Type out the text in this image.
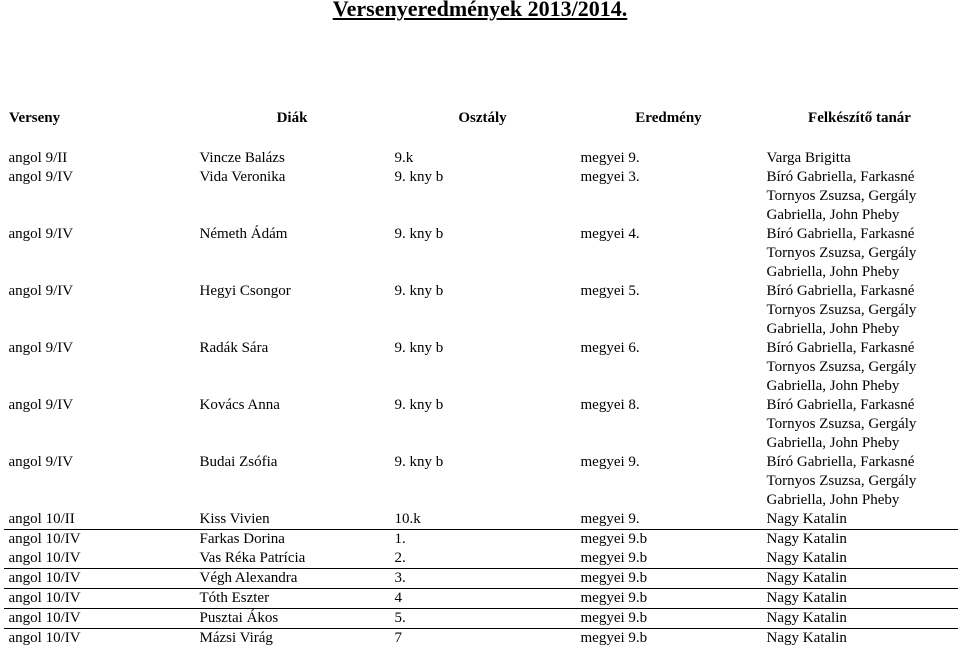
Versenyeredmények 2013/2014.
Verseny	Diák	Osztály	Eredmény	Felkészítő tanár

angol 9/II	Vincze Balázs	9.k	megyei 9.	Varga Brigitta
angol 9/IV	Vida Veronika	9. kny b	megyei 3.	Bíró Gabriella, Farkasné Tornyos Zsuzsa, Gergály Gabriella, John Pheby
angol 9/IV	Németh Ádám	9. kny b	megyei 4.	Bíró Gabriella, Farkasné Tornyos Zsuzsa, Gergály Gabriella, John Pheby
angol 9/IV	Hegyi Csongor	9. kny b	megyei 5.	Bíró Gabriella, Farkasné Tornyos Zsuzsa, Gergály Gabriella, John Pheby
angol 9/IV	Radák Sára	9. kny b	megyei 6.	Bíró Gabriella, Farkasné Tornyos Zsuzsa, Gergály Gabriella, John Pheby
angol 9/IV	Kovács Anna	9. kny b	megyei 8.	Bíró Gabriella, Farkasné Tornyos Zsuzsa, Gergály Gabriella, John Pheby
angol 9/IV	Budai Zsófia	9. kny b	megyei 9.	Bíró Gabriella, Farkasné Tornyos Zsuzsa, Gergály Gabriella, John Pheby
angol 10/II	Kiss Vivien	10.k	megyei 9.	Nagy Katalin
angol 10/IV	Farkas Dorina	1.	megyei 9.b	Nagy Katalin
angol 10/IV	Vas Réka Patrícia	2.	megyei 9.b	Nagy Katalin
angol 10/IV	Végh Alexandra	3.	megyei 9.b	Nagy Katalin
angol 10/IV	Tóth Eszter	4	megyei 9.b	Nagy Katalin
angol 10/IV	Pusztai Ákos	5.	megyei 9.b	Nagy Katalin
angol 10/IV	Mázsi Virág	7	megyei 9.b	Nagy Katalin
